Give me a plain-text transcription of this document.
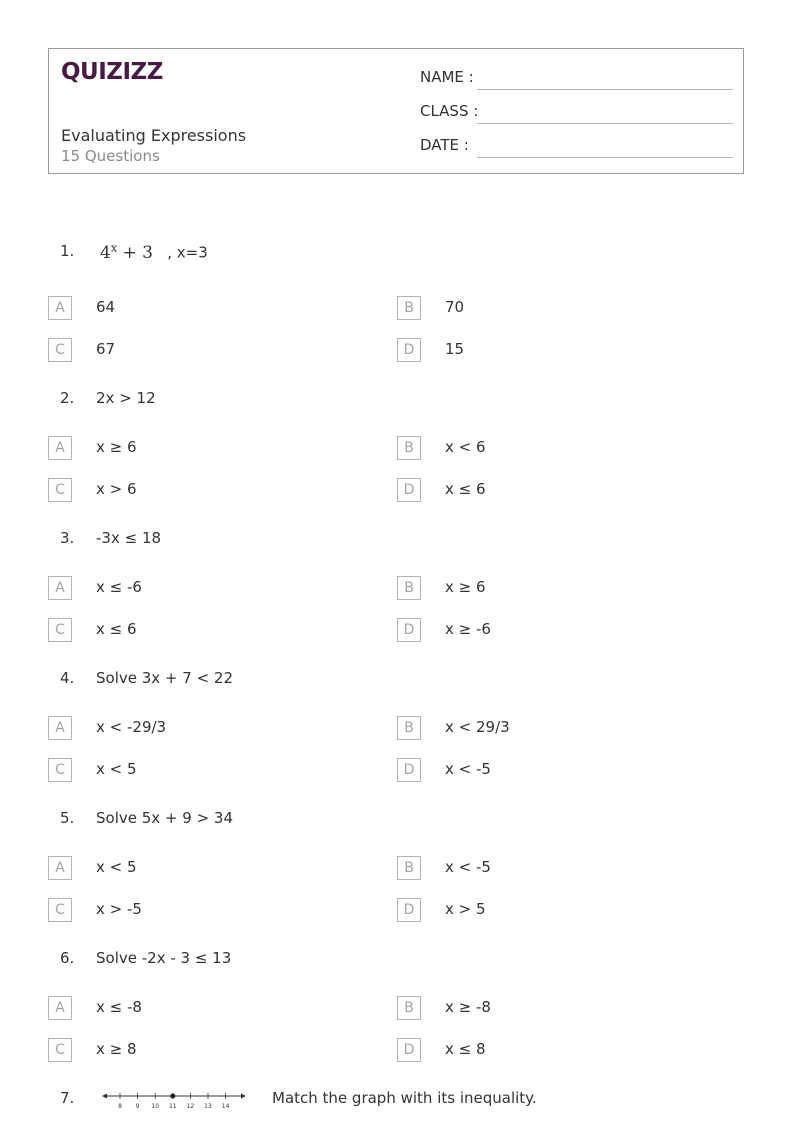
QUIZIZZ
Evaluating Expressions
15 Questions
NAME :
CLASS :
DATE :
1. $4^x + 3$ , x=3
A	64	B	70
C	67	D	15
2. 2x > 12
A	x ≥ 6	B	x < 6
C	x > 6	D	x ≤ 6
3. -3x ≤ 18
A	x ≤ -6	B	x ≥ 6
C	x ≤ 6	D	x ≥ -6
4. Solve 3x + 7 < 22
A	x < -29/3	B	x < 29/3
C	x < 5	D	x < -5
5. Solve 5x + 9 > 34
A	x < 5	B	x < -5
C	x > -5	D	x > 5
6. Solve -2x - 3 ≤ 13
A	x ≤ -8	B	x ≥ -8
C	x ≥ 8	D	x ≤ 8
7.	Match the graph with its inequality.
8 9 10 11 12 13 14
